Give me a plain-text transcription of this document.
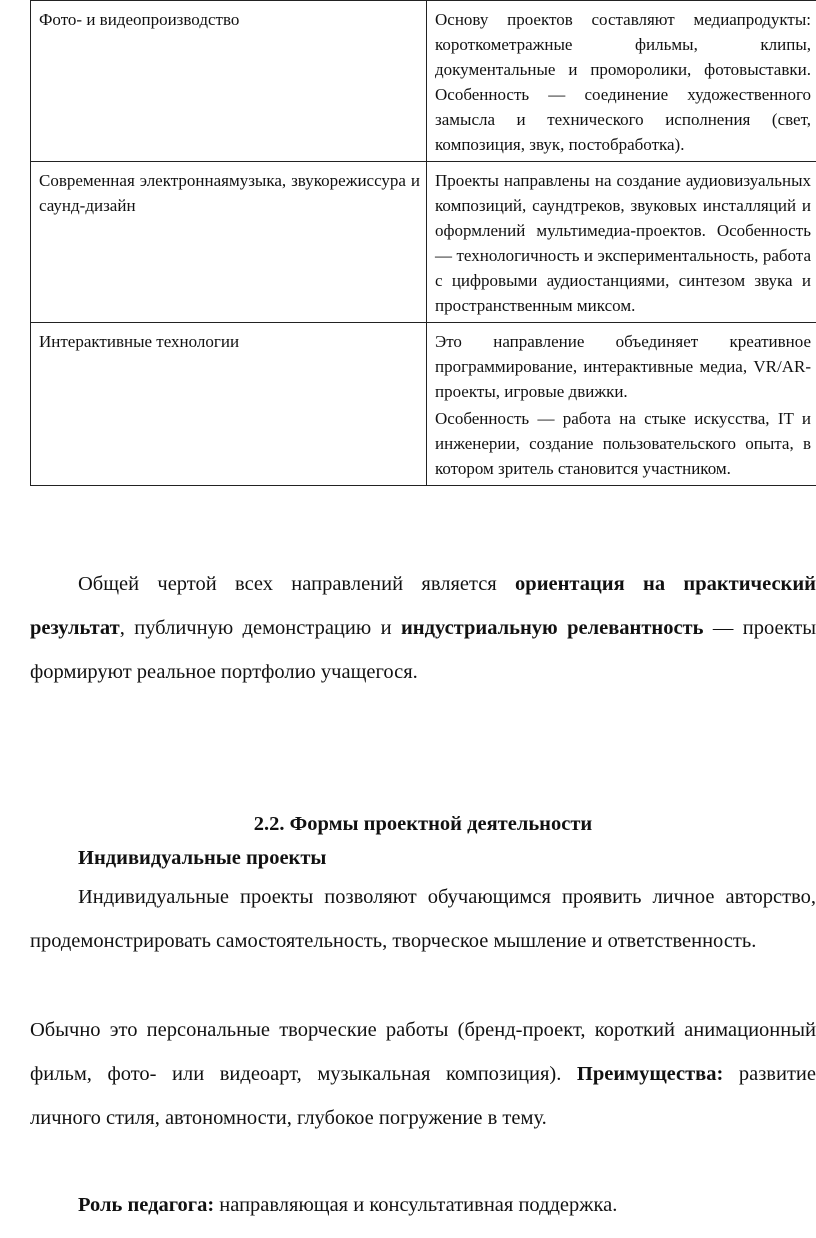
Фото- и видеопроизводство	Основу проектов составляют медиапродукты: короткометражные фильмы, клипы, документальные и проморолики, фотовыставки. Особенность — соединение художественного замысла и технического исполнения (свет, композиция, звук, постобработка).

Современная электроннаямузыка, звукорежиссура и саунд-дизайн	Проекты направлены на создание аудиовизуальных композиций, саундтреков, звуковых инсталляций и оформлений мультимедиа-проектов. Особенность — технологичность и экспериментальность, работа с цифровыми аудиостанциями, синтезом звука и пространственным миксом.

Интерактивные технологии	Это направление объединяет креативное программирование, интерактивные медиа, VR/AR-проекты, игровые движки.

Особенность — работа на стыке искусства, IT и инженерии, создание пользовательского опыта, в котором зритель становится участником.

Общей чертой всех направлений является ориентация на практический результат, публичную демонстрацию и индустриальную релевантность — проекты формируют реальное портфолио учащегося.

2.2. Формы проектной деятельности
Индивидуальные проекты

Индивидуальные проекты позволяют обучающимся проявить личное авторство, продемонстрировать самостоятельность, творческое мышление и ответственность.

Обычно это персональные творческие работы (бренд-проект, короткий анимационный фильм, фото- или видеоарт, музыкальная композиция). Преимущества: развитие личного стиля, автономности, глубокое погружение в тему.

Роль педагога: направляющая и консультативная поддержка.
